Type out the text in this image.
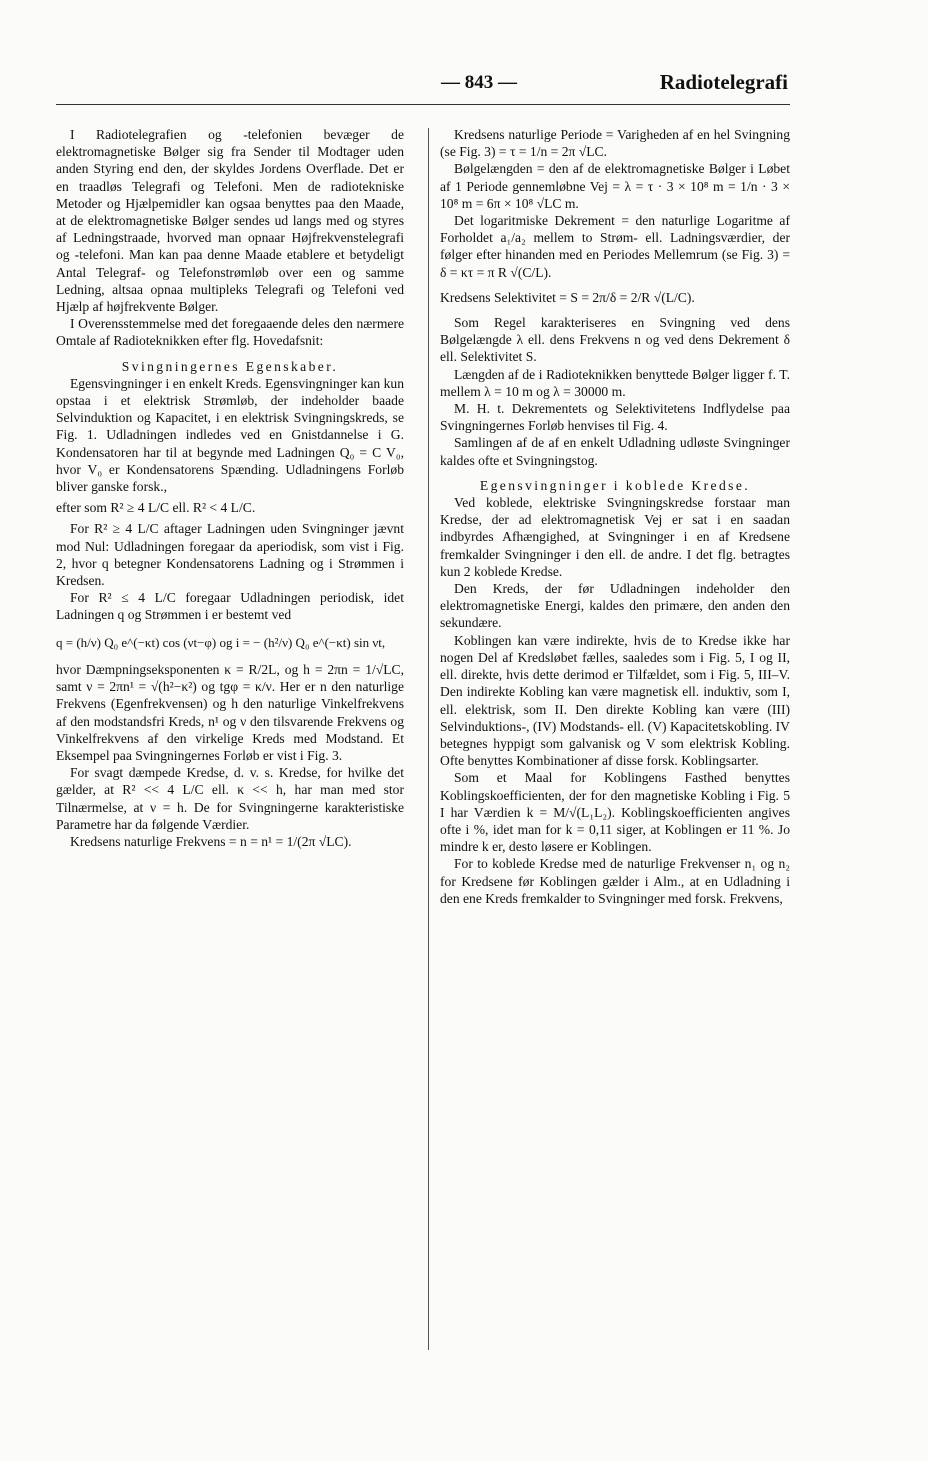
— 843 —	Radiotelegrafi

I Radiotelegrafien og -telefonien bevæger de elektromagnetiske Bølger sig fra Sender til Modtager uden anden Styring end den, der skyldes Jordens Overflade. Det er en traadløs Telegrafi og Telefoni. Men de radiotekniske Metoder og Hjælpemidler kan ogsaa benyttes paa den Maade, at de elektromagnetiske Bølger sendes ud langs med og styres af Ledningstraade, hvorved man opnaar Højfrekvenstelegrafi og -telefoni. Man kan paa denne Maade etablere et betydeligt Antal Telegraf- og Telefonstrømløb over een og samme Ledning, altsaa opnaa multipleks Telegrafi og Telefoni ved Hjælp af højfrekvente Bølger.

I Overensstemmelse med det foregaaende deles den nærmere Omtale af Radioteknikken efter flg. Hovedafsnit:

Svingningernes Egenskaber.

Egensvingninger i en enkelt Kreds. Egensvingninger kan kun opstaa i et elektrisk Strømløb, der indeholder baade Selvinduktion og Kapacitet, i en elektrisk Svingningskreds, se Fig. 1. Udladningen indledes ved en Gnistdannelse i G. Kondensatoren har til at begynde med Ladningen Q₀ = C V₀, hvor V₀ er Kondensatorens Spænding. Udladningens Forløb bliver ganske forsk.,

efter som R² ≥ 4 L/C ell. R² < 4 L/C.

For R² ≥ 4 L/C aftager Ladningen uden Svingninger jævnt mod Nul: Udladningen foregaar da aperiodisk, som vist i Fig. 2, hvor q betegner Kondensatorens Ladning og i Strømmen i Kredsen.

For R² ≤ 4 L/C foregaar Udladningen periodisk, idet Ladningen q og Strømmen i er bestemt ved

q = (h/ν) Q₀ e^(−κt) cos (νt−φ) og i = − (h²/ν) Q₀ e^(−κt) sin νt,

hvor Dæmpningseksponenten κ = R/2L, og h = 2πn = 1/√LC, samt ν = 2πn¹ = √(h²−κ²) og tgφ = κ/ν. Her er n den naturlige Frekvens (Egenfrekvensen) og h den naturlige Vinkelfrekvens af den modstandsfri Kreds, n¹ og ν den tilsvarende Frekvens og Vinkelfrekvens af den virkelige Kreds med Modstand. Et Eksempel paa Svingningernes Forløb er vist i Fig. 3.

For svagt dæmpede Kredse, d. v. s. Kredse, for hvilke det gælder, at R² << 4 L/C ell. κ << h, har man med stor Tilnærmelse, at ν = h. De for Svingningerne karakteristiske Parametre har da følgende Værdier.

Kredsens naturlige Frekvens = n = n¹ = 1/(2π √LC).

Kredsens naturlige Periode = Varigheden af en hel Svingning (se Fig. 3) = τ = 1/n = 2π √LC.

Bølgelængden = den af de elektromagnetiske Bølger i Løbet af 1 Periode gennemløbne Vej = λ = τ · 3 × 10⁸ m = 1/n · 3 × 10⁸ m = 6π × 10⁸ √LC m.

Det logaritmiske Dekrement = den naturlige Logaritme af Forholdet a₁/a₂ mellem to Strøm- ell. Ladningsværdier, der følger efter hinanden med en Periodes Mellemrum (se Fig. 3) = δ = κτ = π R √(C/L).

Kredsens Selektivitet = S = 2π/δ = 2/R √(L/C).

Som Regel karakteriseres en Svingning ved dens Bølgelængde λ ell. dens Frekvens n og ved dens Dekrement δ ell. Selektivitet S.

Længden af de i Radioteknikken benyttede Bølger ligger f. T. mellem λ = 10 m og λ = 30000 m.

M. H. t. Dekrementets og Selektivitetens Indflydelse paa Svingningernes Forløb henvises til Fig. 4.

Samlingen af de af en enkelt Udladning udløste Svingninger kaldes ofte et Svingningstog.

Egensvingninger i koblede Kredse.

Ved koblede, elektriske Svingningskredse forstaar man Kredse, der ad elektromagnetisk Vej er sat i en saadan indbyrdes Afhængighed, at Svingninger i en af Kredsene fremkalder Svingninger i den ell. de andre. I det flg. betragtes kun 2 koblede Kredse.

Den Kreds, der før Udladningen indeholder den elektromagnetiske Energi, kaldes den primære, den anden den sekundære.

Koblingen kan være indirekte, hvis de to Kredse ikke har nogen Del af Kredsløbet fælles, saaledes som i Fig. 5, I og II, ell. direkte, hvis dette derimod er Tilfældet, som i Fig. 5, III–V. Den indirekte Kobling kan være magnetisk ell. induktiv, som I, ell. elektrisk, som II. Den direkte Kobling kan være (III) Selvinduktions-, (IV) Modstands- ell. (V) Kapacitetskobling. IV betegnes hyppigt som galvanisk og V som elektrisk Kobling. Ofte benyttes Kombinationer af disse forsk. Koblingsarter.

Som et Maal for Koblingens Fasthed benyttes Koblingskoefficienten, der for den magnetiske Kobling i Fig. 5 I har Værdien k = M/√(L₁L₂). Koblingskoefficienten angives ofte i %, idet man for k = 0,11 siger, at Koblingen er 11 %. Jo mindre k er, desto løsere er Koblingen.

For to koblede Kredse med de naturlige Frekvenser n₁ og n₂ for Kredsene før Koblingen gælder i Alm., at en Udladning i den ene Kreds fremkalder to Svingninger med forsk. Frekvens,
